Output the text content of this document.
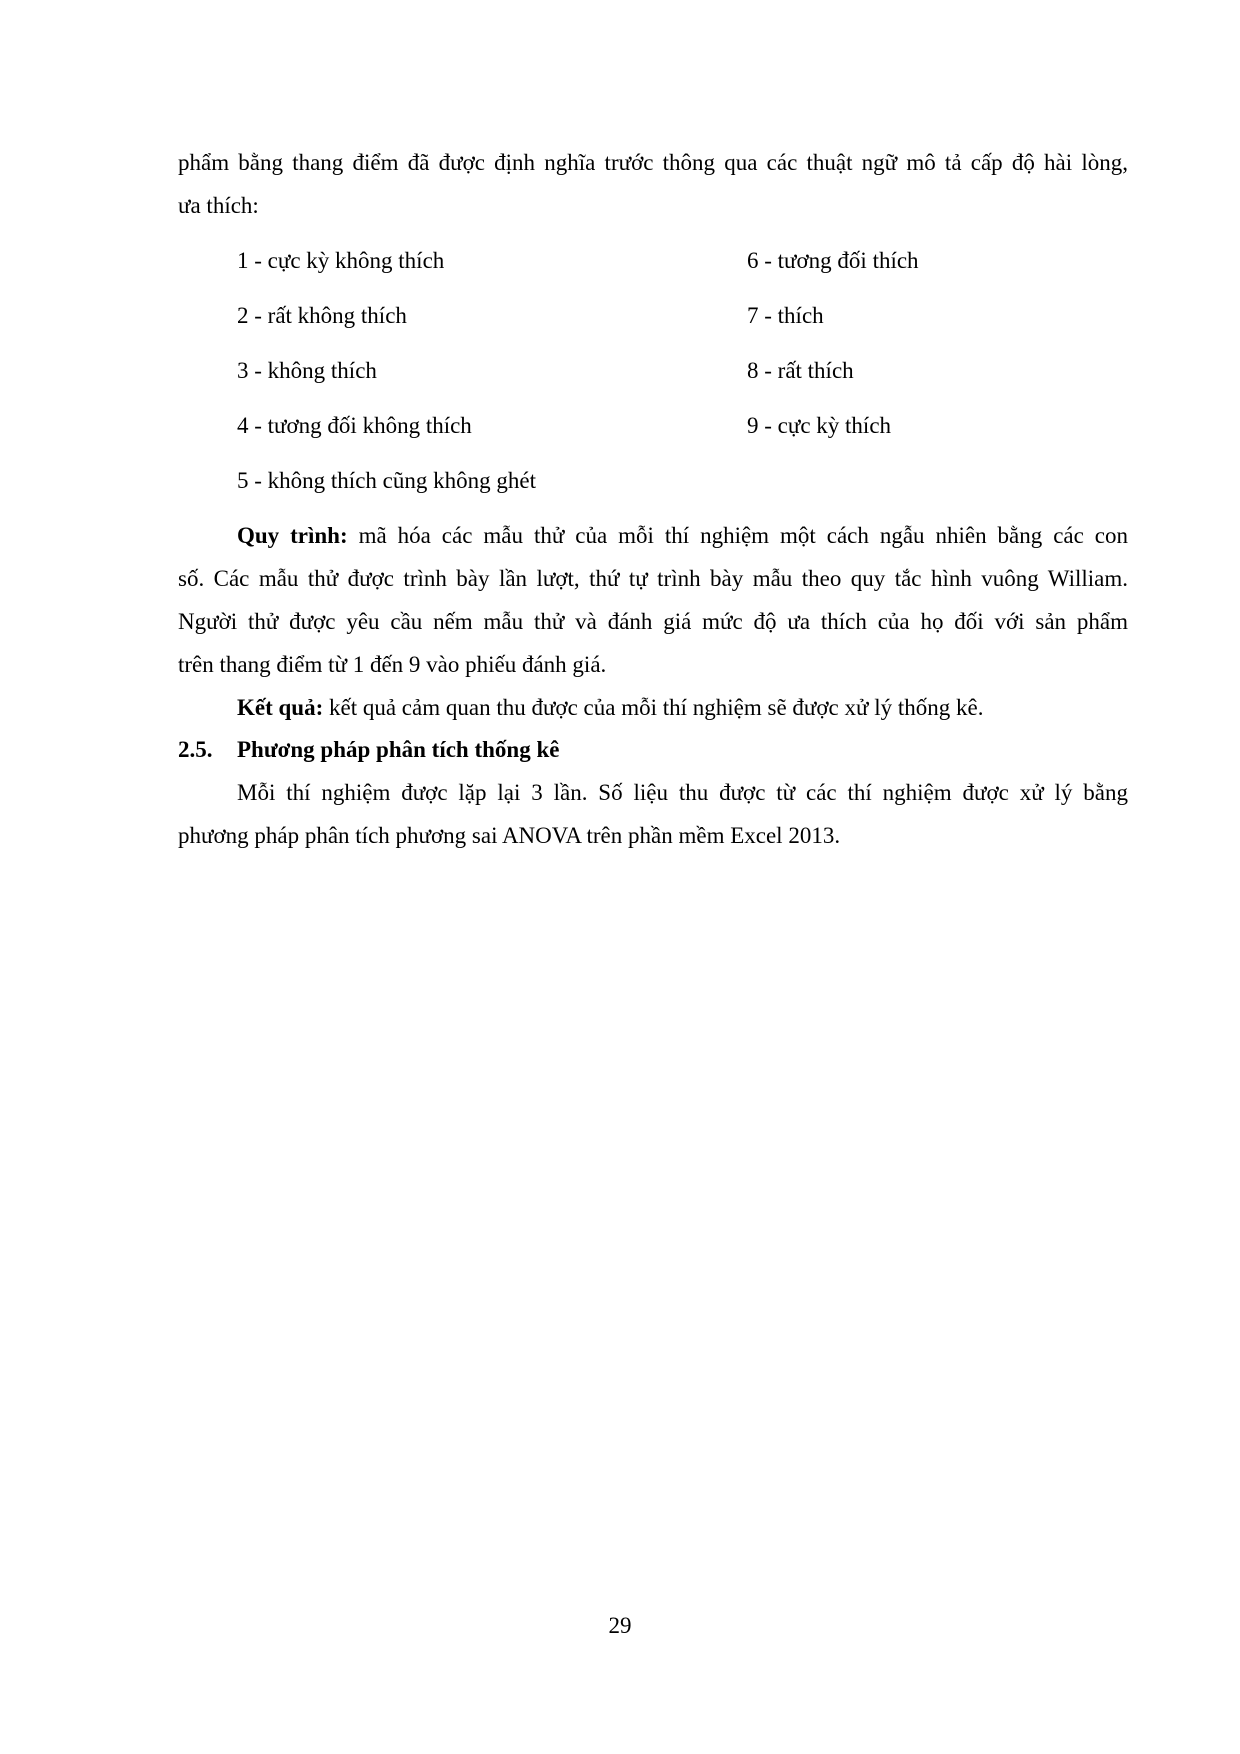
phẩm bằng thang điểm đã được định nghĩa trước thông qua các thuật ngữ mô tả cấp độ hài lòng,
ưa thích:
1 - cực kỳ không thích
2 - rất không thích
3 - không thích
4 - tương đối không thích
5 - không thích cũng không ghét
6 - tương đối thích
7 - thích
8 - rất thích
9 - cực kỳ thích
Quy trình: mã hóa các mẫu thử của mỗi thí nghiệm một cách ngẫu nhiên bằng các con
số. Các mẫu thử được trình bày lần lượt, thứ tự trình bày mẫu theo quy tắc hình vuông William.
Người thử được yêu cầu nếm mẫu thử và đánh giá mức độ ưa thích của họ đối với sản phẩm
trên thang điểm từ 1 đến 9 vào phiếu đánh giá.
Kết quả: kết quả cảm quan thu được của mỗi thí nghiệm sẽ được xử lý thống kê.
2.5. Phương pháp phân tích thống kê
Mỗi thí nghiệm được lặp lại 3 lần. Số liệu thu được từ các thí nghiệm được xử lý bằng
phương pháp phân tích phương sai ANOVA trên phần mềm Excel 2013.
29
